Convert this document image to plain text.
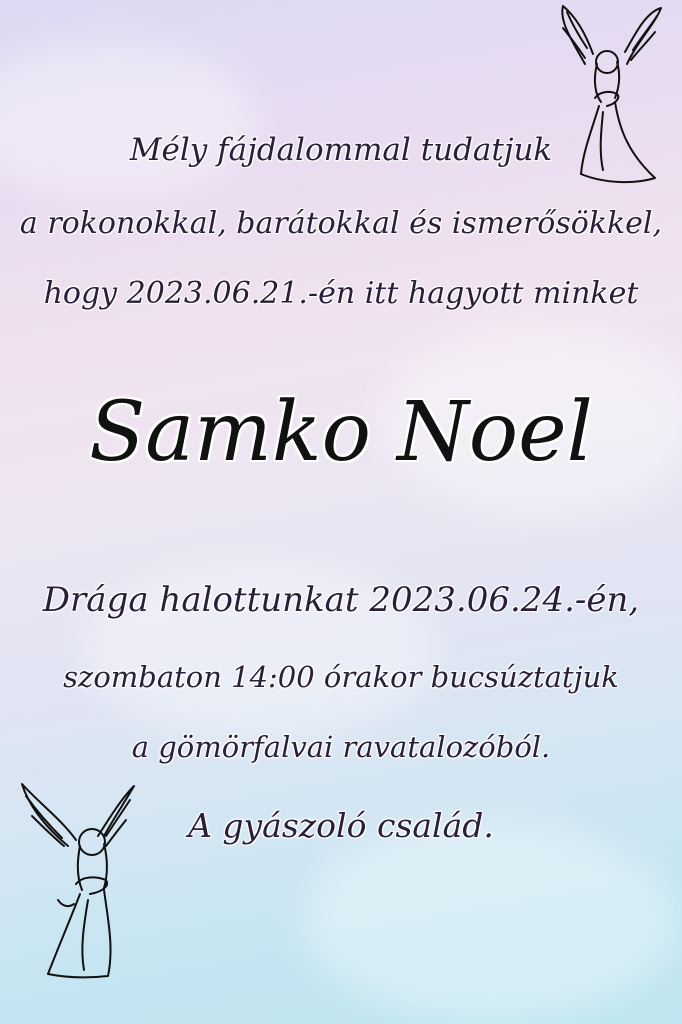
Mély fájdalommal tudatjuk
a rokonokkal, barátokkal és ismerősökkel,
hogy 2023.06.21.-én itt hagyott minket
Samko Noel
Drága halottunkat 2023.06.24.-én,
szombaton 14:00 órakor bucsúztatjuk
a gömörfalvai ravatalozóból.
A gyászoló család.
